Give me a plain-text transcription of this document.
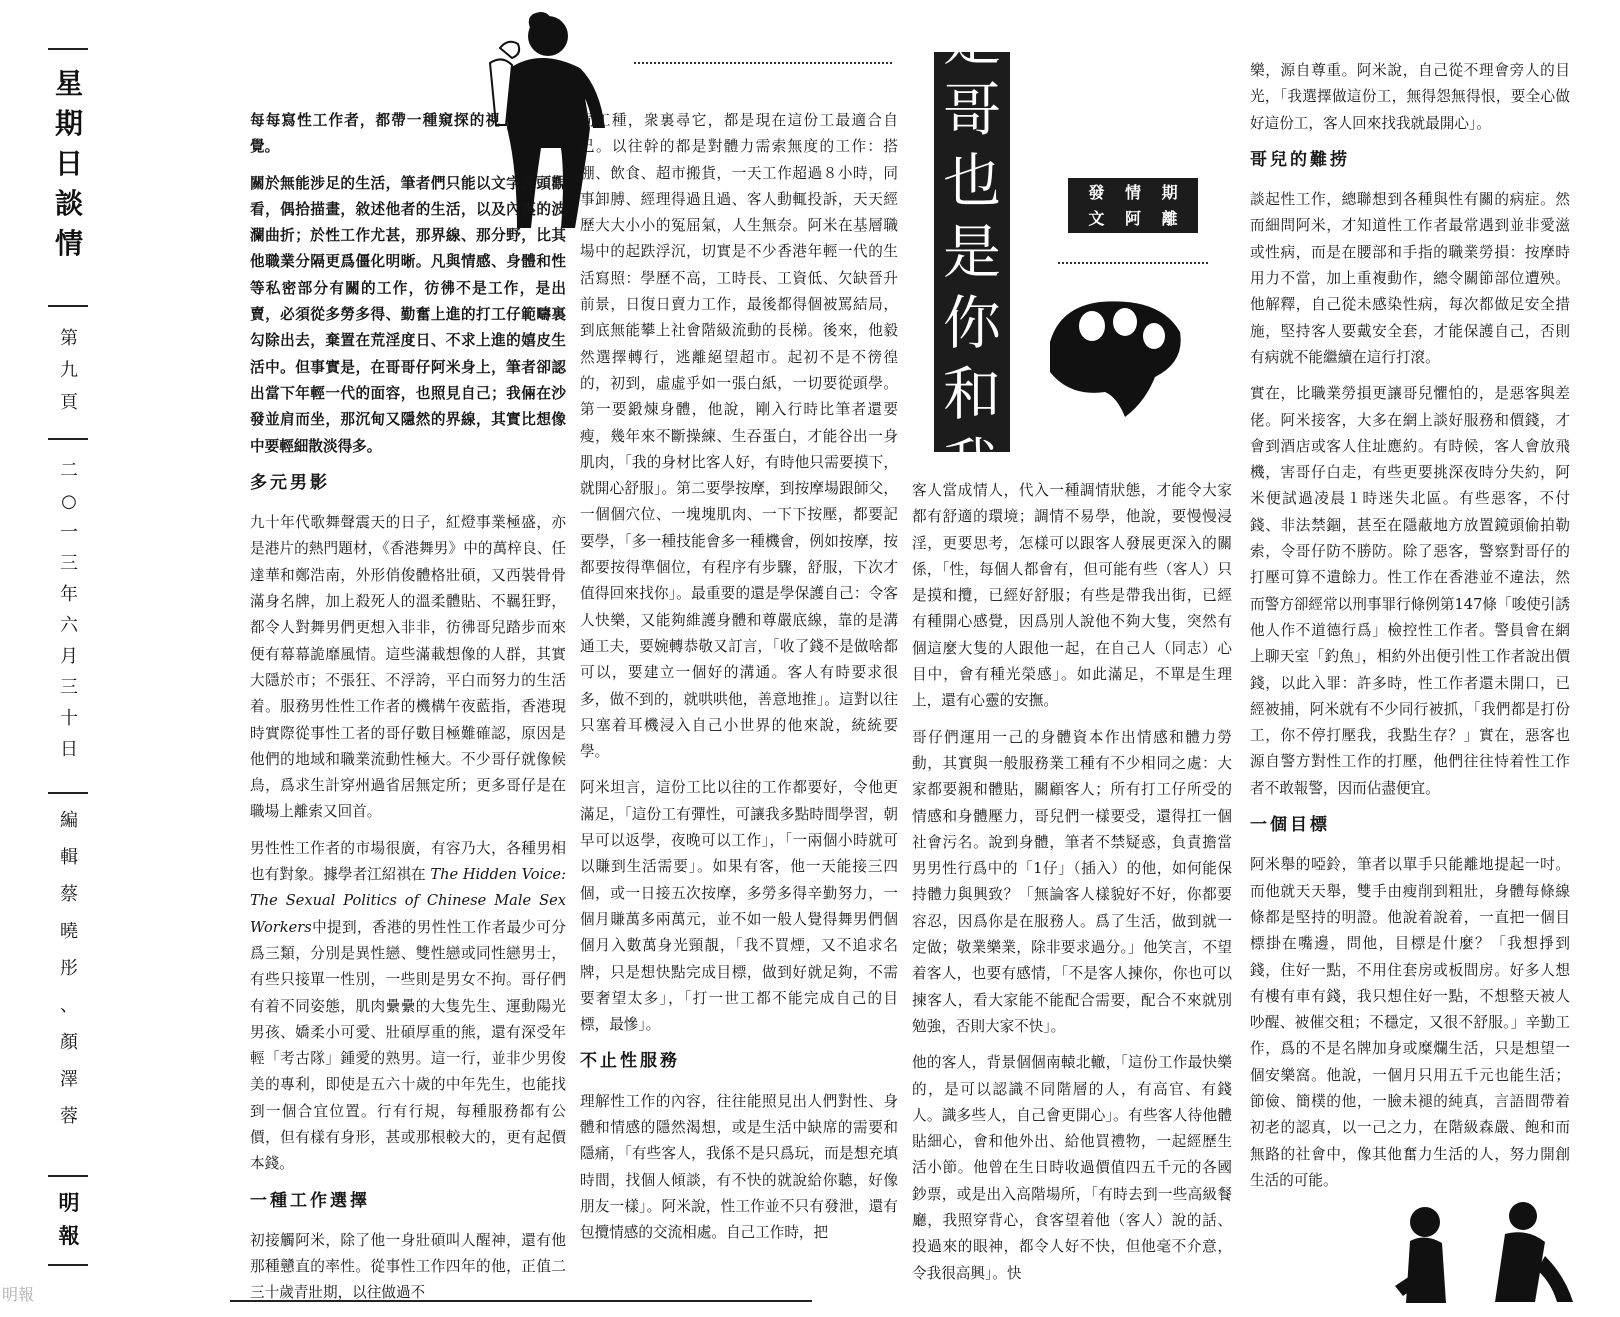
星
期
日
談
情
第
九
頁
二
○
一
三
年
六
月
三
十
日
編
輯
蔡
曉
彤
、
顏
澤
蓉
明
報
明報
是
哥
也
是
你
和
我
發 情 期
文 阿 離

每每寫性工作者，都帶一種窺探的視覺。

關於無能涉足的生活，筆者們只能以文字探頭觀看，偶拾描畫，敘述他者的生活，以及內裏的波瀾曲折；於性工作尤甚，那界線、那分野，比其他職業分隔更爲僵化明晰。凡與情感、身體和性等私密部分有關的工作，彷彿不是工作，是出賣，必須從多勞多得、勤奮上進的打工仔範疇裏勾除出去，棄置在荒淫度日、不求上進的嬉皮生活中。但事實是，在哥哥仔阿米身上，筆者卻認出當下年輕一代的面容，也照見自己；我倆在沙發並肩而坐，那沉甸又隱然的界線，其實比想像中要輕細散淡得多。

多元男影

九十年代歌舞聲震天的日子，紅燈事業極盛，亦是港片的熱門題材，《香港舞男》中的萬梓良、任達華和鄭浩南，外形俏俊體格壯碩，又西裝骨骨滿身名牌，加上殺死人的溫柔體貼、不羈狂野，都令人對舞男們更想入非非，彷彿哥兒踏步而來便有幕幕詭靡風情。這些滿載想像的人群，其實大隱於市；不張狂、不浮誇，平白而努力的生活着。服務男性性工作者的機構午夜藍指，香港現時實際從事性工者的哥仔數目極難確認，原因是他們的地域和職業流動性極大。不少哥仔就像候鳥，爲求生計穿州過省居無定所；更多哥仔是在職場上離索又回首。

男性性工作者的市場很廣，有容乃大，各種男相也有對象。據學者江紹祺在 The Hidden Voice: The Sexual Politics of Chinese Male Sex Workers中提到，香港的男性性工作者最少可分爲三類，分別是異性戀、雙性戀或同性戀男士，有些只接單一性別，一些則是男女不拘。哥仔們有着不同姿態，肌肉纍纍的大隻先生、運動陽光男孩、嬌柔小可愛、壯碩厚重的熊，還有深受年輕「考古隊」鍾愛的熟男。這一行，並非少男俊美的專利，即使是五六十歲的中年先生，也能找到一個合宜位置。行有行規，每種服務都有公價，但有樣有身形，甚或那根較大的，更有起價本錢。

一種工作選擇

初接觸阿米，除了他一身壯碩叫人醒神，還有他那種戇直的率性。從事性工作四年的他，正值二三十歲青壯期，以往做過不

同工種，衆裏尋它，都是現在這份工最適合自己。以往幹的都是對體力需索無度的工作：搭棚、飲食、超市搬貨，一天工作超過８小時，同事卸膊、經理得過且過、客人動輒投訴，天天經歷大大小小的冤屈氣，人生無奈。阿米在基層職場中的起跌浮沉，切實是不少香港年輕一代的生活寫照：學歷不高，工時長、工資低、欠缺晉升前景，日復日賣力工作，最後都得個被罵結局，到底無能攀上社會階級流動的長梯。後來，他毅然選擇轉行，逃離絕望超市。起初不是不徬徨的，初到，虛虛乎如一張白紙，一切要從頭學。第一要鍛煉身體，他說，剛入行時比筆者還要瘦，幾年來不斷操練、生吞蛋白，才能谷出一身肌肉，「我的身材比客人好，有時他只需要摸下，就開心舒服」。第二要學按摩，到按摩場跟師父，一個個穴位、一塊塊肌肉、一下下按壓，都要記要學，「多一種技能會多一種機會，例如按摩，按都要按得準個位，有程序有步驟，舒服，下次才值得回來找你」。最重要的還是學保護自己：令客人快樂，又能夠維護身體和尊嚴底線，靠的是溝通工夫，要婉轉恭敬又訂言，「收了錢不是做啥都可以，要建立一個好的溝通。客人有時要求很多，做不到的，就哄哄他，善意地推」。這對以往只塞着耳機浸入自己小世界的他來說，統統要學。

阿米坦言，這份工比以往的工作都要好，令他更滿足，「這份工有彈性，可讓我多點時間學習，朝早可以返學，夜晚可以工作」，「一兩個小時就可以賺到生活需要」。如果有客，他一天能接三四個，或一日接五次按摩，多勞多得辛勤努力，一個月賺萬多兩萬元，並不如一般人覺得舞男們個個月入數萬身光頸靚，「我不買煙，又不追求名牌，只是想快點完成目標，做到好就足夠，不需要奢望太多」，「打一世工都不能完成自己的目標，最慘」。

不止性服務

理解性工作的內容，往往能照見出人們對性、身體和情感的隱然渴想，或是生活中缺席的需要和隱痛，「有些客人，我係不是只爲玩，而是想充填時間，找個人傾談，有不快的就說給你聽，好像朋友一樣」。阿米說，性工作並不只有發泄，還有包攬情感的交流相處。自己工作時，把

客人當成情人，代入一種調情狀態，才能令大家都有舒適的環境；調情不易學，他說，要慢慢浸淫，更要思考，怎樣可以跟客人發展更深入的關係，「性，每個人都會有，但可能有些（客人）只是摸和攬，已經好舒服；有些是帶我出街，已經有種開心感覺，因爲別人說他不夠大隻，突然有個這麼大隻的人跟他一起，在自己人（同志）心目中，會有種光榮感」。如此滿足，不單是生理上，還有心靈的安撫。

哥仔們運用一己的身體資本作出情感和體力勞動，其實與一般服務業工種有不少相同之處：大家都要親和體貼，關顧客人；所有打工仔所受的情感和身體壓力，哥兒們一樣要受，還得扛一個社會污名。說到身體，筆者不禁疑惑，負責擔當男男性行爲中的「1仔」（插入）的他，如何能保持體力與興致？「無論客人樣貌好不好，你都要容忍，因爲你是在服務人。爲了生活，做到就一定做；敬業樂業，除非要求過分。」他笑言，不望着客人，也要有感情，「不是客人揀你，你也可以揀客人，看大家能不能配合需要，配合不來就別勉強，否則大家不快」。

他的客人，背景個個南轅北轍，「這份工作最快樂的，是可以認識不同階層的人，有高官、有錢人。識多些人，自己會更開心」。有些客人待他體貼細心，會和他外出、給他買禮物，一起經歷生活小節。他曾在生日時收過價值四五千元的各國鈔票，或是出入高階場所，「有時去到一些高級餐廳，我照穿背心，食客望着他（客人）說的話、投過來的眼神，都令人好不快，但他毫不介意，令我很高興」。快

樂，源自尊重。阿米說，自己從不理會旁人的目光，「我選擇做這份工，無得怨無得恨，要全心做好這份工，客人回來找我就最開心」。

哥兒的難捞

談起性工作，總聯想到各種與性有關的病症。然而細問阿米，才知道性工作者最常遇到並非愛滋或性病，而是在腰部和手指的職業勞損：按摩時用力不當，加上重複動作，總令關節部位遭殃。他解釋，自己從未感染性病，每次都做足安全措施，堅持客人要戴安全套，才能保護自己，否則有病就不能繼續在這行打滾。

實在，比職業勞損更讓哥兒懼怕的，是惡客與差佬。阿米接客，大多在網上談好服務和價錢，才會到酒店或客人住址應約。有時候，客人會放飛機，害哥仔白走，有些更要挑深夜時分失約，阿米便試過凌晨１時迷失北區。有些惡客，不付錢、非法禁錮，甚至在隱蔽地方放置鏡頭偷拍勒索，令哥仔防不勝防。除了惡客，警察對哥仔的打壓可算不遺餘力。性工作在香港並不違法，然而警方卻經常以刑事罪行條例第147條「唆使引誘他人作不道德行爲」檢控性工作者。警員會在網上聊天室「釣魚」，相約外出便引性工作者說出價錢，以此入罪：許多時，性工作者還未開口，已經被捕，阿米就有不少同行被抓，「我們都是打份工，你不停打壓我，我點生存？」實在，惡客也源自警方對性工作的打壓，他們往往恃着性工作者不敢報警，因而佔盡便宜。

一個目標

阿米舉的啞鈴，筆者以單手只能離地提起一吋。而他就天天舉，雙手由瘦削到粗壯，身體每條線條都是堅持的明證。他說着說着，一直把一個目標掛在嘴邊，問他，目標是什麼？「我想掙到錢，住好一點，不用住套房或板間房。好多人想有樓有車有錢，我只想住好一點，不想整天被人吵醒、被催交租；不穩定，又很不舒服。」辛勤工作，爲的不是名牌加身或糜爛生活，只是想望一個安樂窩。他說，一個月只用五千元也能生活；節儉、簡樸的他，一臉未褪的純真，言語間帶着初老的認真，以一己之力，在階級森嚴、飽和而無路的社會中，像其他奮力生活的人，努力開創生活的可能。
